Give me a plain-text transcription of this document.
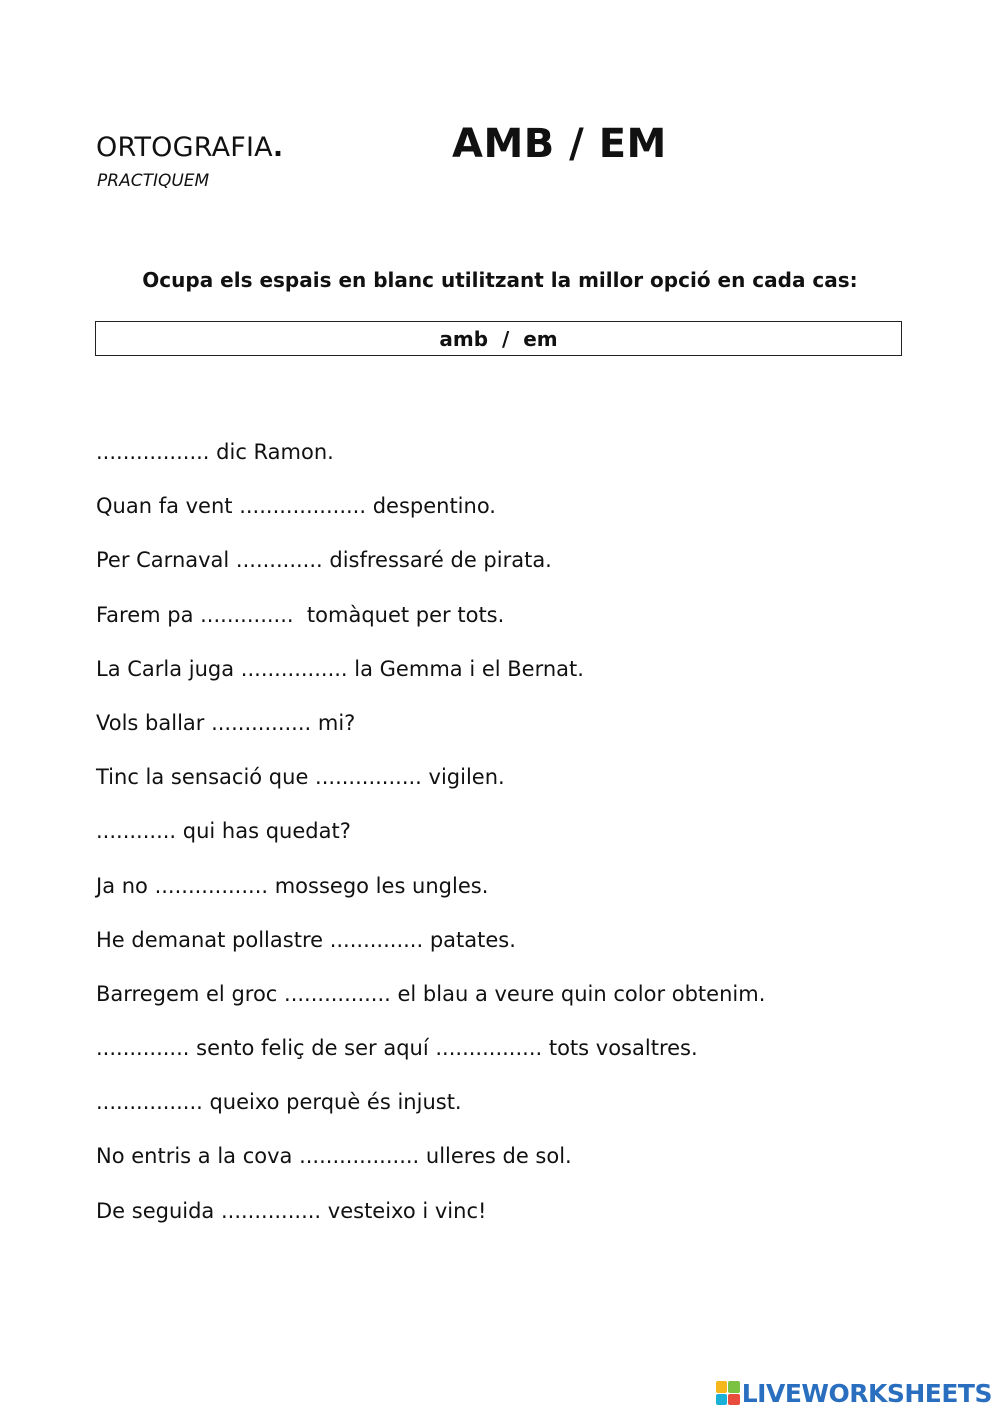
ORTOGRAFIA.
PRACTIQUEM
AMB / EM
Ocupa els espais en blanc utilitzant la millor opció en cada cas:
amb  /  em
................. dic Ramon.
Quan fa vent ................... despentino.
Per Carnaval ............. disfressaré de pirata.
Farem pa ..............  tomàquet per tots.
La Carla juga ................ la Gemma i el Bernat.
Vols ballar ............... mi?
Tinc la sensació que ................ vigilen.
............ qui has quedat?
Ja no ................. mossego les ungles.
He demanat pollastre .............. patates.
Barregem el groc ................ el blau a veure quin color obtenim.
.............. sento feliç de ser aquí ................ tots vosaltres.
................ queixo perquè és injust.
No entris a la cova .................. ulleres de sol.
De seguida ............... vesteixo i vinc!
LIVEWORKSHEETS
